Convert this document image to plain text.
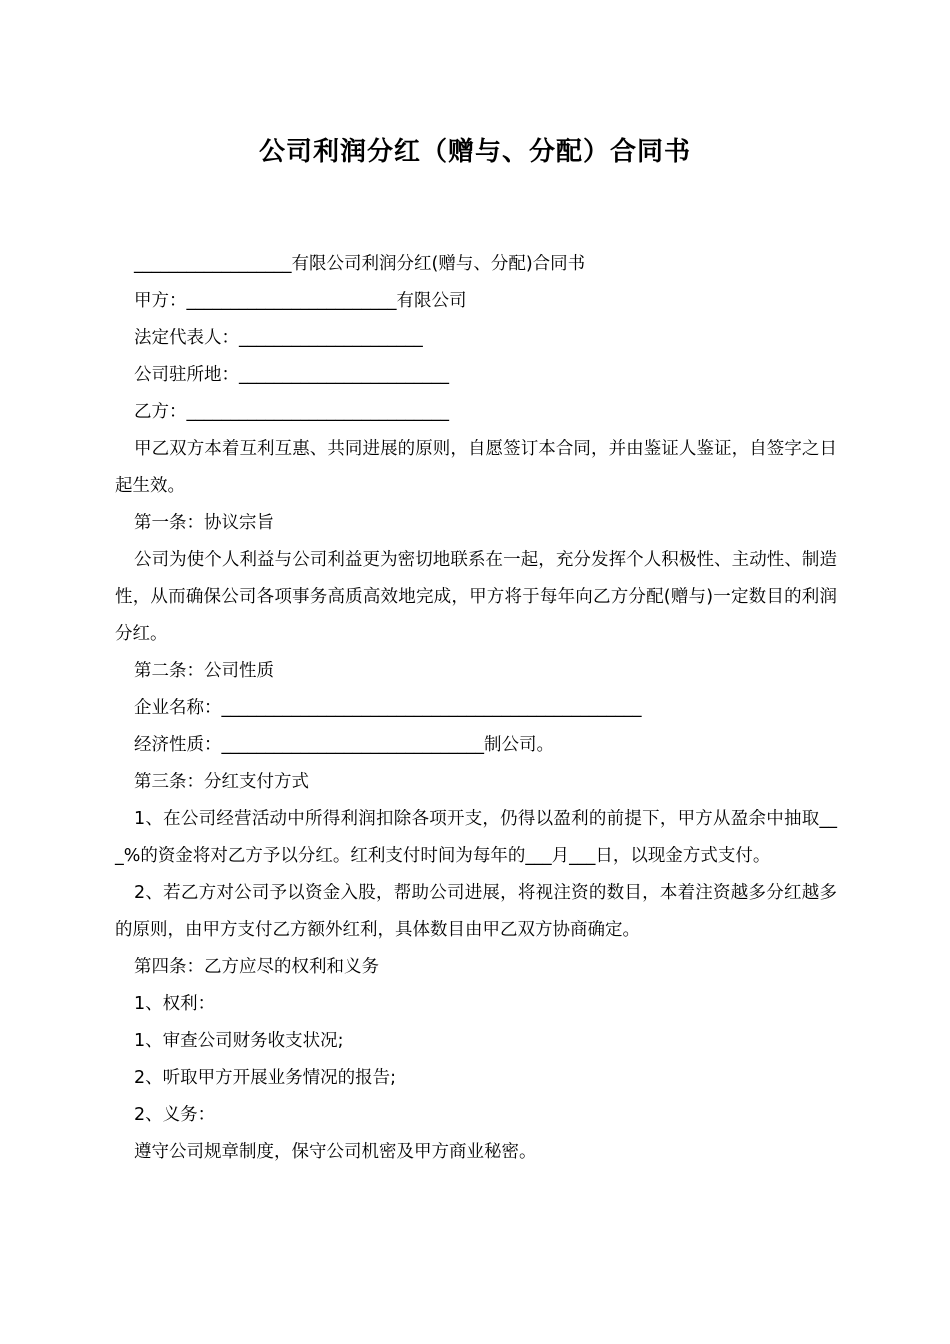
公司利润分红（赠与、分配）合同书

__________________有限公司利润分红(赠与、分配)合同书

甲方：________________________有限公司

法定代表人：_____________________

公司驻所地：________________________

乙方：______________________________

甲乙双方本着互利互惠、共同进展的原则，自愿签订本合同，并由鉴证人鉴证，自签字之日起生效。

第一条：协议宗旨

公司为使个人利益与公司利益更为密切地联系在一起，充分发挥个人积极性、主动性、制造性，从而确保公司各项事务高质高效地完成，甲方将于每年向乙方分配(赠与)一定数目的利润分红。

第二条：公司性质

企业名称：________________________________________________

经济性质：______________________________制公司。

第三条：分红支付方式

1、在公司经营活动中所得利润扣除各项开支，仍得以盈利的前提下，甲方从盈余中抽取___%的资金将对乙方予以分红。红利支付时间为每年的___月___日，以现金方式支付。

2、若乙方对公司予以资金入股，帮助公司进展，将视注资的数目，本着注资越多分红越多的原则，由甲方支付乙方额外红利，具体数目由甲乙双方协商确定。

第四条：乙方应尽的权利和义务

1、权利：

1、审查公司财务收支状况;

2、听取甲方开展业务情况的报告;

2、义务：

遵守公司规章制度，保守公司机密及甲方商业秘密。
